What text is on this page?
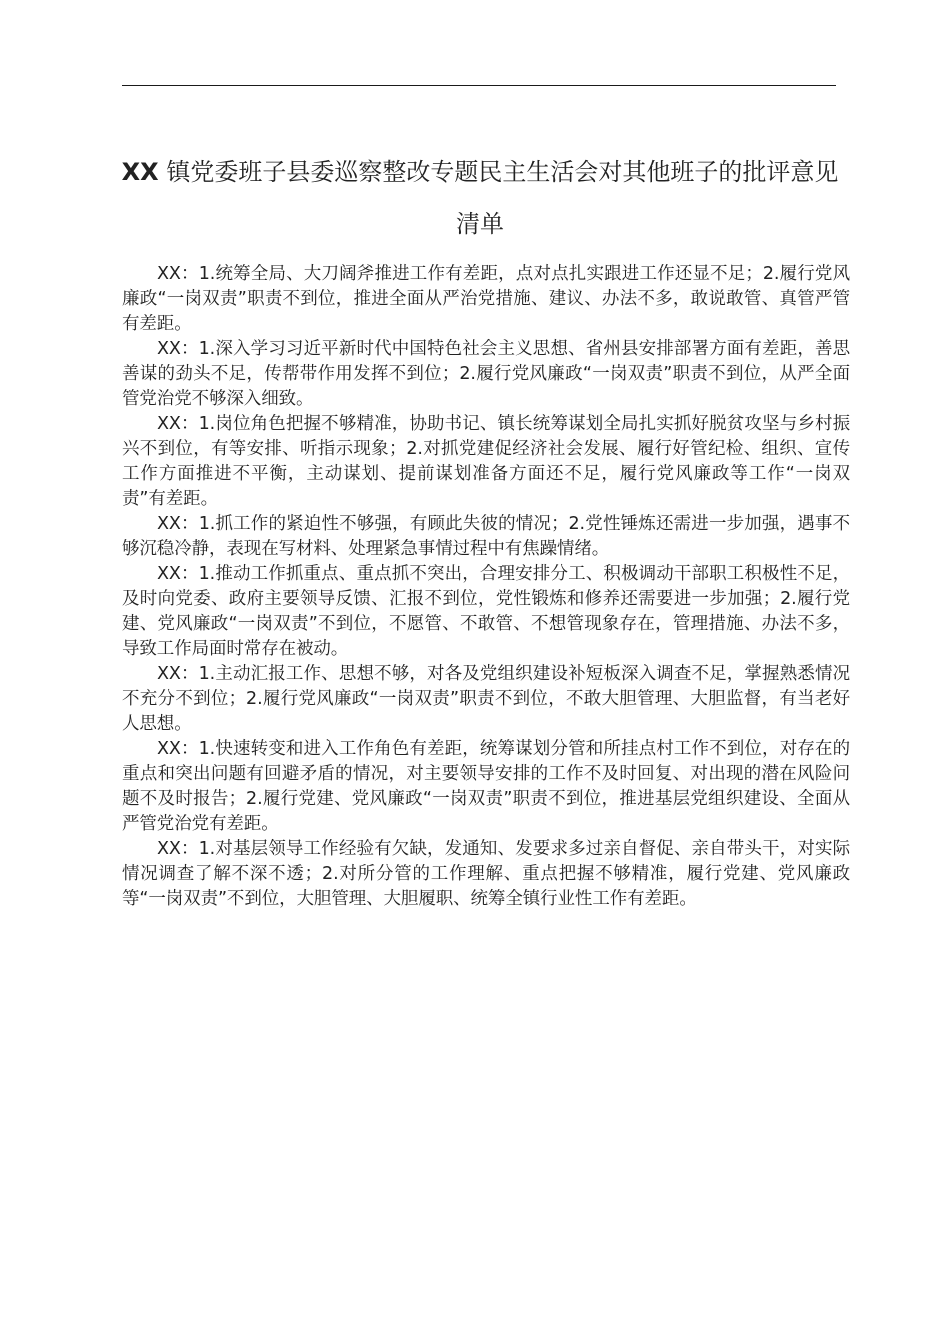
XX 镇党委班子县委巡察整改专题民主生活会对其他班子的批评意见清单

XX：1.统筹全局、大刀阔斧推进工作有差距，点对点扎实跟进工作还显不足；2.履行党风廉政“一岗双责”职责不到位，推进全面从严治党措施、建议、办法不多，敢说敢管、真管严管有差距。

XX：1.深入学习习近平新时代中国特色社会主义思想、省州县安排部署方面有差距，善思善谋的劲头不足，传帮带作用发挥不到位；2.履行党风廉政“一岗双责”职责不到位，从严全面管党治党不够深入细致。

XX：1.岗位角色把握不够精准，协助书记、镇长统筹谋划全局扎实抓好脱贫攻坚与乡村振兴不到位，有等安排、听指示现象；2.对抓党建促经济社会发展、履行好管纪检、组织、宣传工作方面推进不平衡，主动谋划、提前谋划准备方面还不足，履行党风廉政等工作“一岗双责”有差距。

XX：1.抓工作的紧迫性不够强，有顾此失彼的情况；2.党性锤炼还需进一步加强，遇事不够沉稳冷静，表现在写材料、处理紧急事情过程中有焦躁情绪。

XX：1.推动工作抓重点、重点抓不突出，合理安排分工、积极调动干部职工积极性不足，及时向党委、政府主要领导反馈、汇报不到位，党性锻炼和修养还需要进一步加强；2.履行党建、党风廉政“一岗双责”不到位，不愿管、不敢管、不想管现象存在，管理措施、办法不多，导致工作局面时常存在被动。

XX：1.主动汇报工作、思想不够，对各及党组织建设补短板深入调查不足，掌握熟悉情况不充分不到位；2.履行党风廉政“一岗双责”职责不到位，不敢大胆管理、大胆监督，有当老好人思想。

XX：1.快速转变和进入工作角色有差距，统筹谋划分管和所挂点村工作不到位，对存在的重点和突出问题有回避矛盾的情况，对主要领导安排的工作不及时回复、对出现的潜在风险问题不及时报告；2.履行党建、党风廉政“一岗双责”职责不到位，推进基层党组织建设、全面从严管党治党有差距。

XX：1.对基层领导工作经验有欠缺，发通知、发要求多过亲自督促、亲自带头干，对实际情况调查了解不深不透；2.对所分管的工作理解、重点把握不够精准，履行党建、党风廉政等“一岗双责”不到位，大胆管理、大胆履职、统筹全镇行业性工作有差距。
